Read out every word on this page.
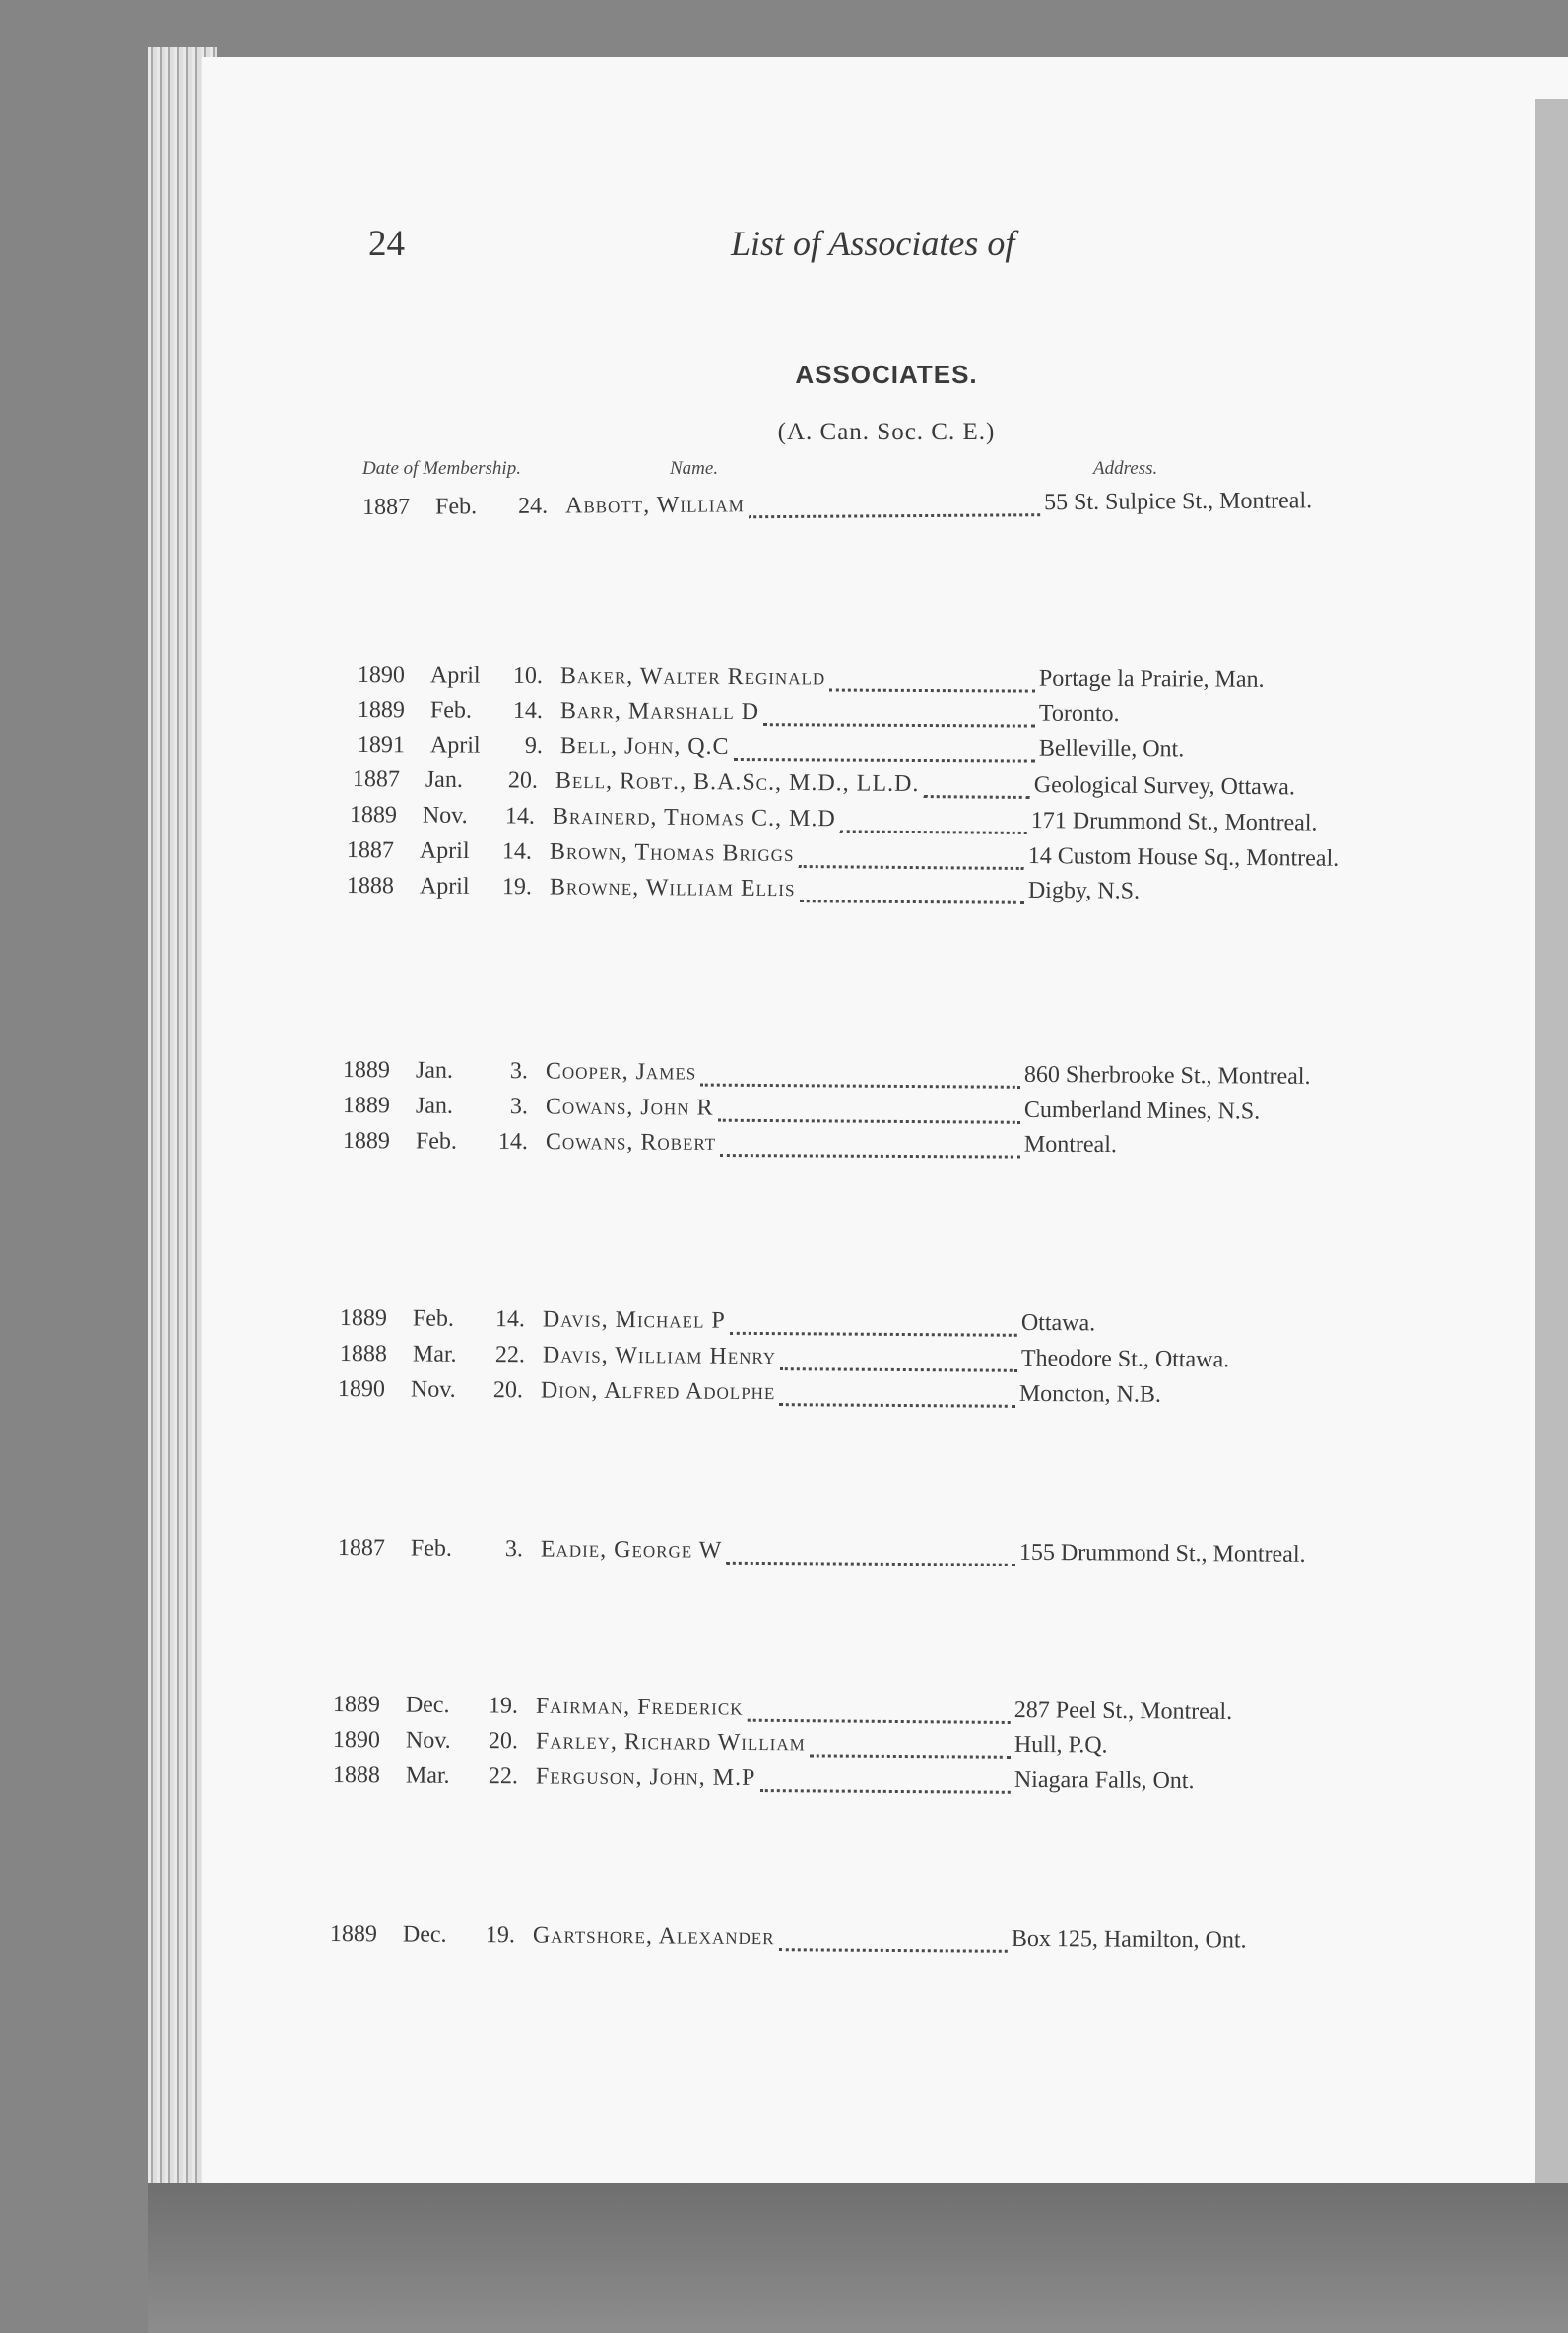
24	List of Associates of
ASSOCIATES.
(A. Can. Soc. C. E.)
Date of Membership.	Name.	Address.
1887 Feb.	24. Abbott, William	55 St. Sulpice St., Montreal.
1890 April	10. Baker, Walter Reginald	Portage la Prairie, Man.
1889 Feb.	14. Barr, Marshall D	Toronto.
1891 April	9. Bell, John, Q.C	Belleville, Ont.
1887 Jan.	20. Bell, Robt., B.A.Sc., M.D., LL.D.	Geological Survey, Ottawa.
1889 Nov.	14. Brainerd, Thomas C., M.D	171 Drummond St., Montreal.
1887 April	14. Brown, Thomas Briggs	14 Custom House Sq., Montreal.
1888 April	19. Browne, William Ellis	Digby, N.S.
1889 Jan.	3. Cooper, James	860 Sherbrooke St., Montreal.
1889 Jan.	3. Cowans, John R	Cumberland Mines, N.S.
1889 Feb.	14. Cowans, Robert	Montreal.
1889 Feb.	14. Davis, Michael P	Ottawa.
1888 Mar.	22. Davis, William Henry	Theodore St., Ottawa.
1890 Nov.	20. Dion, Alfred Adolphe	Moncton, N.B.
1887 Feb.	3. Eadie, George W	155 Drummond St., Montreal.
1889 Dec.	19. Fairman, Frederick	287 Peel St., Montreal.
1890 Nov.	20. Farley, Richard William	Hull, P.Q.
1888 Mar.	22. Ferguson, John, M.P	Niagara Falls, Ont.
1889 Dec.	19. Gartshore, Alexander	Box 125, Hamilton, Ont.
